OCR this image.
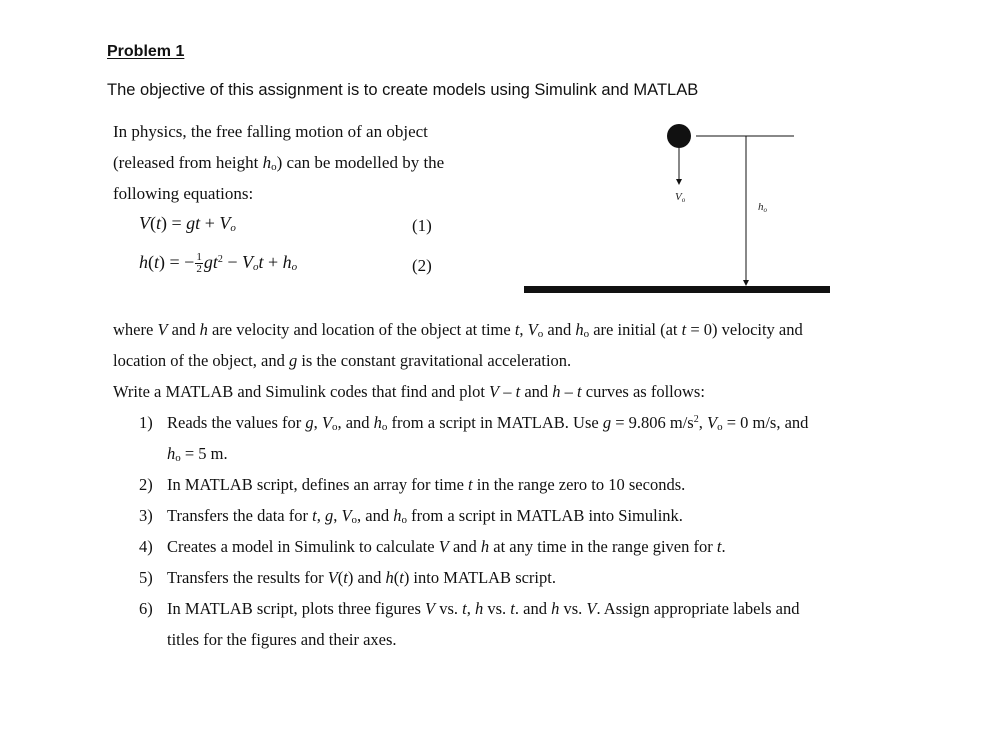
Problem 1
The objective of this assignment is to create models using Simulink and MATLAB
In physics, the free falling motion of an object
(released from height $h_o$) can be modelled by the
following equations:
V(t) = gt + $V_o$	(1)
h(t) = − $\frac{1}{2} gt^2 - V_ot + h_o$	(2)
Vo
ho
where V and h are velocity and location of the object at time t, $V_o$ and $h_o$ are initial (at t = 0) velocity and
location of the object, and g is the constant gravitational acceleration.
Write a MATLAB and Simulink codes that find and plot V – t and h – t curves as follows:
1) Reads the values for g, $V_o$, and $h_o$ from a script in MATLAB. Use g = 9.806 $m/s^2$, $V_o = 0$ m/s, and
$h_o = 5$ m.
2) In MATLAB script, defines an array for time t in the range zero to 10 seconds.
3) Transfers the data for t, g, $V_o$, and $h_o$ from a script in MATLAB into Simulink.
4) Creates a model in Simulink to calculate V and h at any time in the range given for t.
5) Transfers the results for V(t) and h(t) into MATLAB script.
6) In MATLAB script, plots three figures V vs. t, h vs. t. and h vs. V. Assign appropriate labels and
titles for the figures and their axes.
